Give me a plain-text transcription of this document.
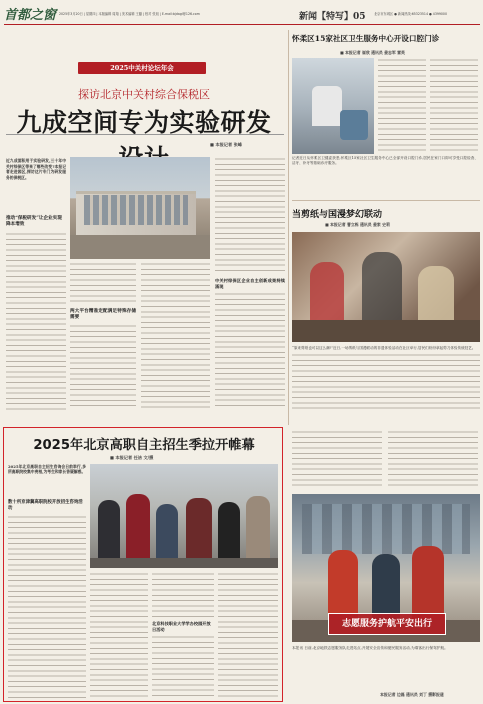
首都之窗 2025年3月20日 | 星期四 | 本版编辑 周翔 | 美术编辑 王璐 | 校对 张旭 | E-mail:bjdagl@126.com	新闻【特写】05	北京市东城区 ● 新闻热线:65323514 ● 4399000
2025中关村论坛年会
探访北京中关村综合保税区
九成空间专为实验研发
■ 本报记者 张峰
近九成面积用于实验研发,三十年中关村综保区带来了哪些改变?本报记者走进园区,探访这片专门为研发服务的保税区。
推动“保税研发”让企业实现降本增效
两大平台精准定配满足特殊存储需要
中关村综保区企业自主创新成果持续涌现
怀柔区15家社区卫生服务中心开设口腔门诊
■ 本报记者 崔欣 通讯员 姜志军 雷英
记者近日从怀柔区卫健委获悉,怀柔区15家社区卫生服务中心已全部开设口腔门诊,居民在家门口即可享受口腔检查、洁牙、补牙等基础诊疗服务。
当剪纸与国漫梦幻联动
■ 本报记者 曹立栋 通讯员 姜家 史莉
“原来剪纸也可以这么潮!”近日,一场剪纸与国漫联动的非遗体验活动在社区举行,居民们纷纷拿起剪刀体验传统技艺。
2025年北京高职自主招生季拉开帷幕
■ 本报记者 任洁 文/摄
2025年北京高职自主招生咨询会日前举行,多所高职院校集中亮相,为考生和家长答疑解惑。
数十所京津冀高职院校开放招生咨询活动
北京科技职业大学学办校园开放日活动
志愿服务护航平安出行
本报讯 日前,北京地铁志愿服务队走进站点,开展安全宣传和便民服务活动,为乘客出行保驾护航。
本报记者 边磊 通讯员 刘丁 摄影报道
